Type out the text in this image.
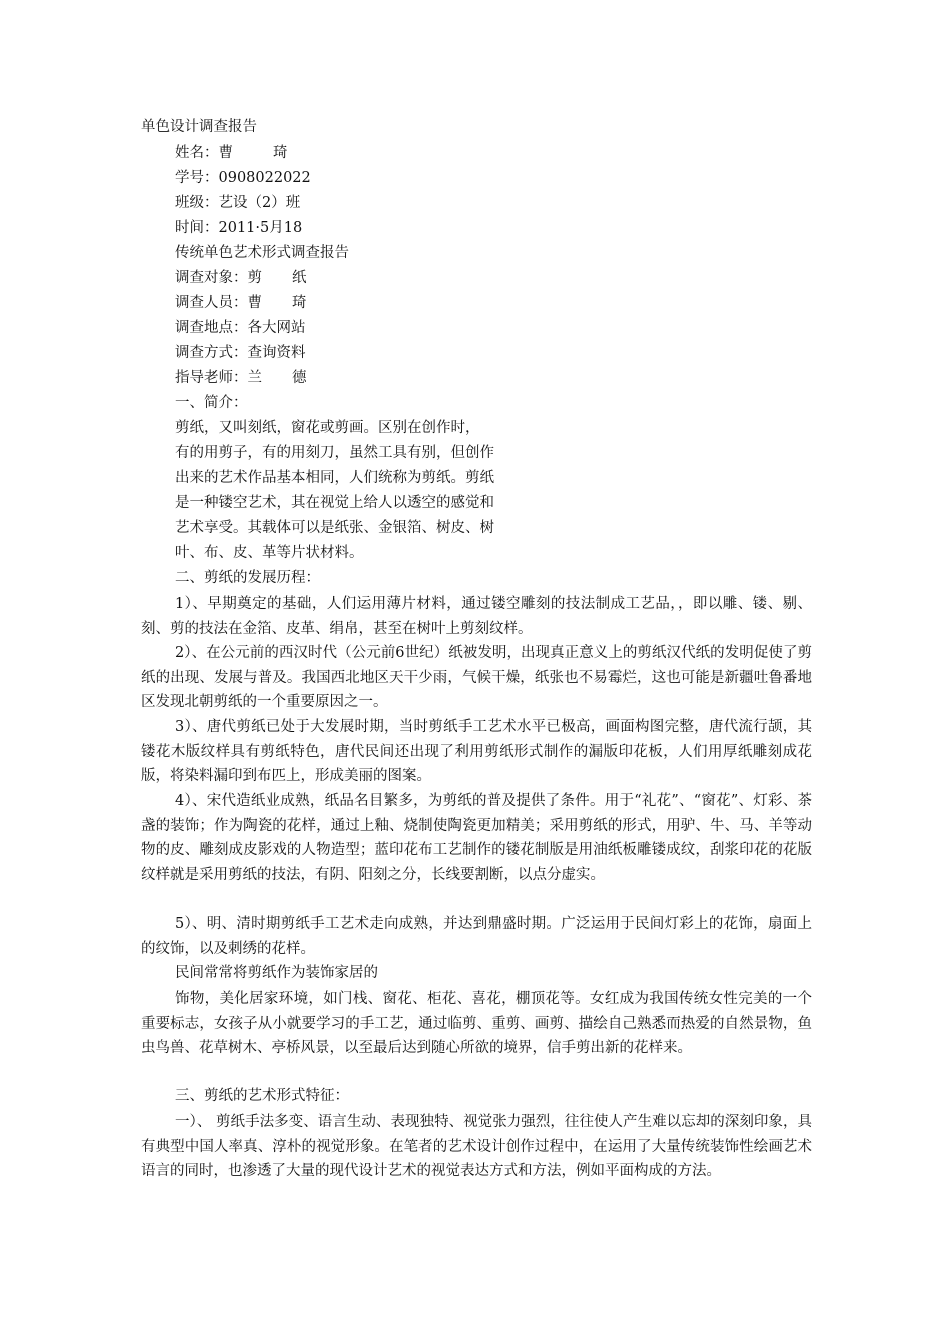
单色设计调查报告
姓名：曹	琦
学号：0908022022
班级：艺设（2）班
时间：2011·5月18
传统单色艺术形式调查报告
调查对象：剪 纸
调查人员：曹 琦
调查地点：各大网站
调查方式：查询资料
指导老师：兰 德
一、简介：
剪纸，又叫刻纸，窗花或剪画。区别在创作时，
有的用剪子，有的用刻刀，虽然工具有别，但创作
出来的艺术作品基本相同，人们统称为剪纸。剪纸
是一种镂空艺术，其在视觉上给人以透空的感觉和
艺术享受。其载体可以是纸张、金银箔、树皮、树
叶、布、皮、革等片状材料。
二、剪纸的发展历程：
1）、早期奠定的基础，人们运用薄片材料，通过镂空雕刻的技法制成工艺品，，即以雕、镂、剔、刻、剪的技法在金箔、皮革、绢帛，甚至在树叶上剪刻纹样。
2）、在公元前的西汉时代（公元前6世纪）纸被发明，出现真正意义上的剪纸汉代纸的发明促使了剪纸的出现、发展与普及。我国西北地区天干少雨，气候干燥，纸张也不易霉烂，这也可能是新疆吐鲁番地区发现北朝剪纸的一个重要原因之一。
3）、唐代剪纸已处于大发展时期，当时剪纸手工艺术水平已极高，画面构图完整，唐代流行颉，其镂花木版纹样具有剪纸特色，唐代民间还出现了利用剪纸形式制作的漏版印花板，人们用厚纸雕刻成花版，将染料漏印到布匹上，形成美丽的图案。
4）、宋代造纸业成熟，纸品名目繁多，为剪纸的普及提供了条件。用于“礼花”、“窗花”、灯彩、茶盏的装饰；作为陶瓷的花样，通过上釉、烧制使陶瓷更加精美；采用剪纸的形式，用驴、牛、马、羊等动物的皮、雕刻成皮影戏的人物造型；蓝印花布工艺制作的镂花制版是用油纸板雕镂成纹，刮浆印花的花版纹样就是采用剪纸的技法，有阴、阳刻之分，长线要割断，以点分虚实。
5）、明、清时期剪纸手工艺术走向成熟，并达到鼎盛时期。广泛运用于民间灯彩上的花饰，扇面上的纹饰，以及刺绣的花样。
民间常常将剪纸作为装饰家居的
饰物，美化居家环境，如门栈、窗花、柜花、喜花，棚顶花等。女红成为我国传统女性完美的一个重要标志，女孩子从小就要学习的手工艺，通过临剪、重剪、画剪、描绘自己熟悉而热爱的自然景物，鱼虫鸟兽、花草树木、亭桥风景，以至最后达到随心所欲的境界，信手剪出新的花样来。
三、剪纸的艺术形式特征：
一）、 剪纸手法多变、语言生动、表现独特、视觉张力强烈，往往使人产生难以忘却的深刻印象，具有典型中国人率真、淳朴的视觉形象。在笔者的艺术设计创作过程中，在运用了大量传统装饰性绘画艺术语言的同时，也渗透了大量的现代设计艺术的视觉表达方式和方法，例如平面构成的方法。
